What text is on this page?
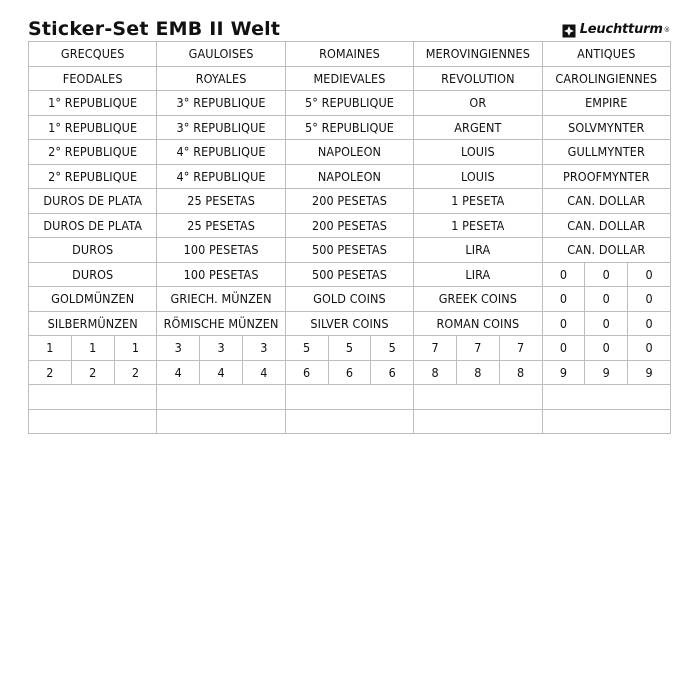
Sticker-Set EMB II Welt	Leuchtturm ®
GRECQUES			GAULOISES			ROMAINES			MEROVINGIENNES			ANTIQUES		
FEODALES			ROYALES			MEDIEVALES			REVOLUTION			CAROLINGIENNES		
1° REPUBLIQUE			3° REPUBLIQUE			5° REPUBLIQUE			OR			EMPIRE		
1° REPUBLIQUE			3° REPUBLIQUE			5° REPUBLIQUE			ARGENT			SOLVMYNTER		
2° REPUBLIQUE			4° REPUBLIQUE			NAPOLEON			LOUIS			GULLMYNTER		
2° REPUBLIQUE			4° REPUBLIQUE			NAPOLEON			LOUIS			PROOFMYNTER		
DUROS DE PLATA			25 PESETAS			200 PESETAS			1 PESETA			CAN. DOLLAR		
DUROS DE PLATA			25 PESETAS			200 PESETAS			1 PESETA			CAN. DOLLAR		
DUROS			100 PESETAS			500 PESETAS			LIRA			CAN. DOLLAR		
DUROS			100 PESETAS			500 PESETAS			LIRA			0	0	0
GOLDMÜNZEN			GRIECH. MÜNZEN			GOLD COINS			GREEK COINS			0	0	0
SILBERMÜNZEN			RÖMISCHE MÜNZEN			SILVER COINS			ROMAN COINS			0	0	0
1	1	1	3	3	3	5	5	5	7	7	7	0	0	0
2	2	2	4	4	4	6	6	6	8	8	8	9	9	9
